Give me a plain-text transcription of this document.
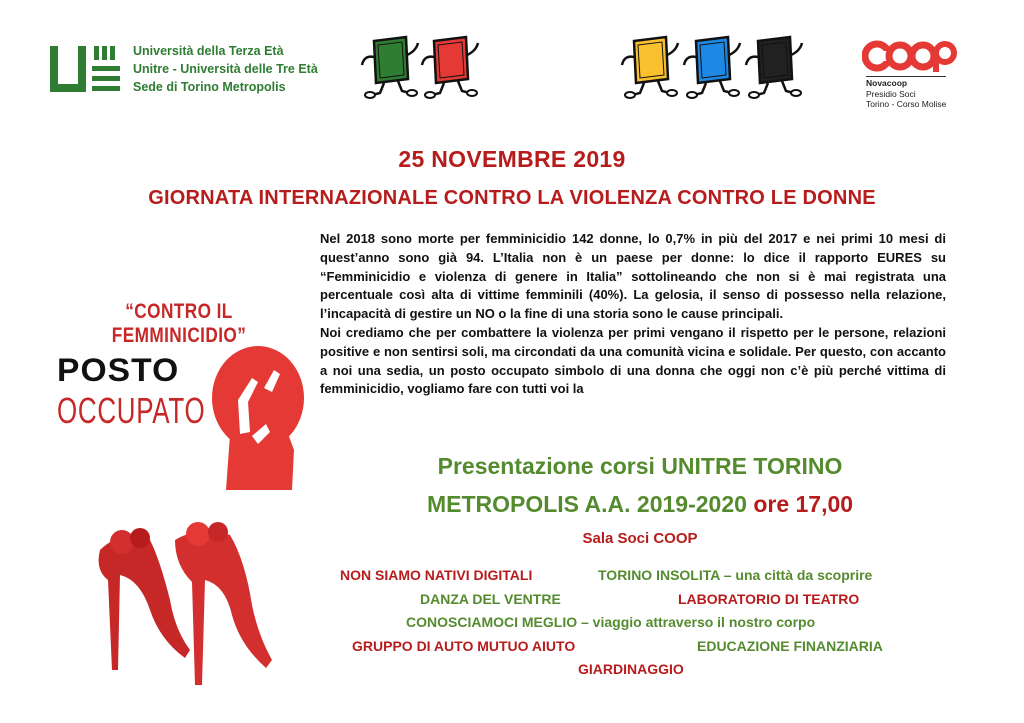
Università della Terza Età
Unitre - Università delle Tre Età
Sede di Torino Metropolis	Novacoop
Presidio Soci
Torino - Corso Molise
25 NOVEMBRE 2019
GIORNATA INTERNAZIONALE CONTRO LA VIOLENZA CONTRO LE DONNE

Nel 2018 sono morte per femminicidio 142 donne, lo 0,7% in più del 2017 e nei primi 10 mesi di quest’anno sono già 94. L’Italia non è un paese per donne: lo dice il rapporto EURES su “Femminicidio e violenza di genere in Italia” sottolineando che non si è mai registrata una percentuale così alta di vittime femminili (40%). La gelosia, il senso di possesso nella relazione, l’incapacità di gestire un NO o la fine di una storia sono le cause principali.

Noi crediamo che per combattere la violenza per primi vengano il rispetto per le persone, relazioni positive e non sentirsi soli, ma circondati da una comunità vicina e solidale. Per questo, con accanto a noi una sedia, un posto occupato simbolo di una donna che oggi non c’è più perché vittima di femminicidio, vogliamo fare con tutti voi la

“CONTRO IL FEMMINICIDIO”
POSTO
OCCUPATO
Presentazione corsi UNITRE TORINO
METROPOLIS A.A. 2019-2020 ore 17,00
Sala Soci COOP
NON SIAMO NATIVI DIGITALI	TORINO INSOLITA – una città da scoprire
DANZA DEL VENTRE	LABORATORIO DI TEATRO
CONOSCIAMOCI MEGLIO – viaggio attraverso il nostro corpo
GRUPPO DI AUTO MUTUO AIUTO	EDUCAZIONE FINANZIARIA
GIARDINAGGIO
